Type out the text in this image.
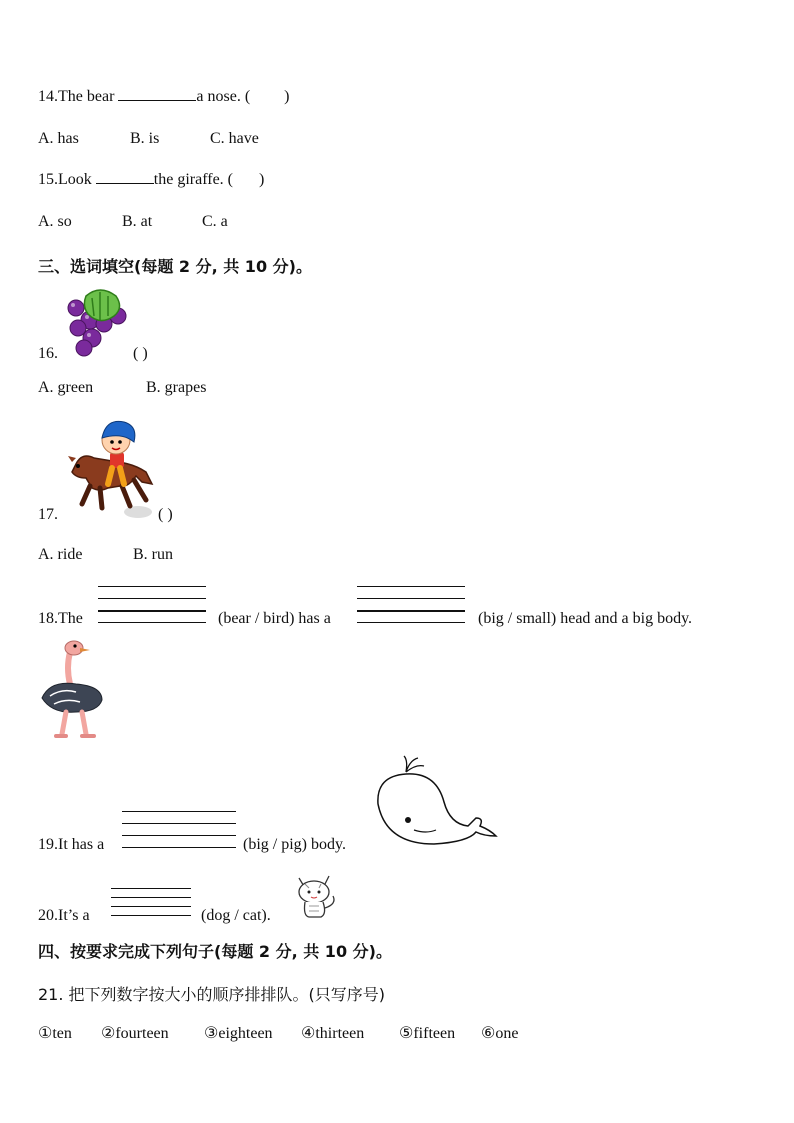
14.The bear	a nose. ( )
A. has	B. is	C. have
15.Look	the giraffe. ( )
A. so	B. at	C. a
三、选词填空(每题 2 分, 共 10 分)。
16.	( )
A. green	B. grapes
17.	( )
A. ride	B. run
18.The	(bear / bird) has a	(big / small) head and a big body.
19.It has a	(big / pig) body.
20.It’s a	(dog / cat).
四、按要求完成下列句子(每题 2 分, 共 10 分)。
21. 把下列数字按大小的顺序排排队。(只写序号)
①ten ②fourteen ③eighteen ④thirteen ⑤fifteen ⑥one
